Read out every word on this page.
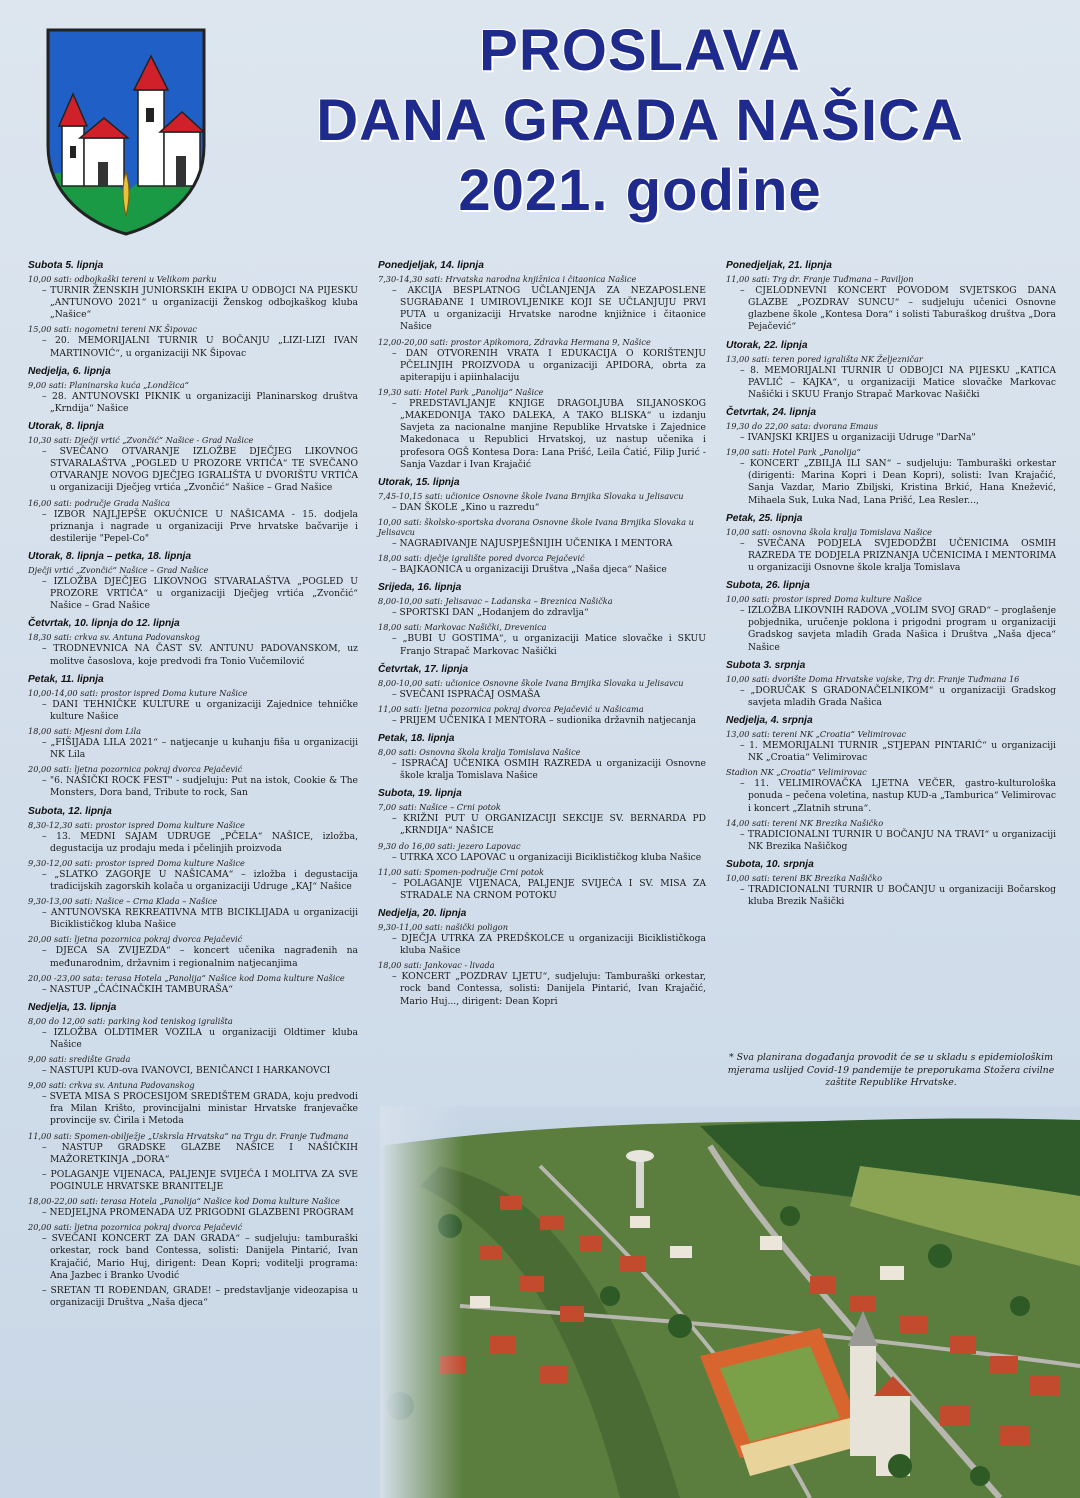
PROSLAVA
DANA GRADA NAŠICA
2021. godine
Subota 5. lipnja
10,00 sati: odbojkaški tereni u Velikom parku
– TURNIR ŽENSKIH JUNIORSKIH EKIPA U ODBOJCI NA PIJESKU „ANTUNOVO 2021“ u organizaciji Ženskog odbojkaškog kluba „Našice“
15,00 sati: nogometni tereni NK Šipovac
– 20. MEMORIJALNI TURNIR U BOČANJU „LIZI-LIZI IVAN MARTINOVIĆ“, u organizaciji NK Šipovac
Nedjelja, 6. lipnja
9,00 sati: Planinarska kuća „Londžica“
– 28. ANTUNOVSKI PIKNIK u organizaciji Planinarskog društva „Krndija“ Našice
Utorak, 8. lipnja
10,30 sati: Dječji vrtić „Zvončić“ Našice - Grad Našice
– SVEČANO OTVARANJE IZLOŽBE DJEČJEG LIKOVNOG STVARALAŠTVA „POGLED U PROZORE VRTIĆA“ TE SVEČANO OTVARANJE NOVOG DJEČJEG IGRALIŠTA U DVORIŠTU VRTIĆA u organizaciji Dječjeg vrtića „Zvončić“ Našice – Grad Našice
16,00 sati: područje Grada Našica
– IZBOR NAJLJEPŠE OKUĆNICE U NAŠICAMA - 15. dodjela priznanja i nagrade u organizaciji Prve hrvatske bačvarije i destilerije "Pepel-Co"
Utorak, 8. lipnja – petka, 18. lipnja
Dječji vrtić „Zvončić“ Našice – Grad Našice
– IZLOŽBA DJEČJEG LIKOVNOG STVARALAŠTVA „POGLED U PROZORE VRTIĆA“ u organizaciji Dječjeg vrtića „Zvončić“ Našice – Grad Našice
Četvrtak, 10. lipnja do 12. lipnja
18,30 sati: crkva sv. Antuna Padovanskog
– TRODNEVNICA NA ČAST SV. ANTUNU PADOVANSKOM, uz molitve časoslova, koje predvodi fra Tonio Vučemilović
Petak, 11. lipnja
10,00-14,00 sati: prostor ispred Doma kuture Našice
– DANI TEHNIČKE KULTURE u organizaciji Zajednice tehničke kulture Našice
18,00 sati: Mjesni dom Lila
– „FIŠIJADA LILA 2021“ – natjecanje u kuhanju fiša u organizaciji NK Lila
20,00 sati: ljetna pozornica pokraj dvorca Pejačević
– "6. NAŠIČKI ROCK FEST" - sudjeluju: Put na istok, Cookie & The Monsters, Dora band, Tribute to rock, San
Subota, 12. lipnja
8,30-12,30 sati: prostor ispred Doma kulture Našice
– 13. MEDNI SAJAM UDRUGE „PČELA“ NAŠICE, izložba, degustacija uz prodaju meda i pčelinjih proizvoda
9,30-12,00 sati: prostor ispred Doma kulture Našice
– „SLATKO ZAGORJE U NAŠICAMA“ – izložba i degustacija tradicijskih zagorskih kolača u organizaciji Udruge „KAJ“ Našice
9,30-13,00 sati: Našice – Crna Klada – Našice
– ANTUNOVSKA REKREATIVNA MTB BICIKLIJADA u organizaciji Biciklističkog kluba Našice
20,00 sati: ljetna pozornica pokraj dvorca Pejačević
– DJECA SA ZVIJEZDA“ – koncert učenika nagrađenih na međunarodnim, državnim i regionalnim natjecanjima
20,00 -23,00 sata: terasa Hotela „Panolija“ Našice kod Doma kulture Našice
– NASTUP „ČAĆINAČKIH TAMBURAŠA“
Nedjelja, 13. lipnja
8,00 do 12,00 sati: parking kod teniskog igrališta
– IZLOŽBA OLDTIMER VOZILA u organizaciji Oldtimer kluba Našice
9,00 sati: središte Grada
– NASTUPI KUD-ova IVANOVCI, BENIČANCI I HARKANOVCI
9,00 sati: crkva sv. Antuna Padovanskog
– SVETA MISA S PROCESIJOM SREDIŠTEM GRADA, koju predvodi fra Milan Krišto, provincijalni ministar Hrvatske franjevačke provincije sv. Ćirila i Metoda
11,00 sati: Spomen-obilježje „Uskrsla Hrvatska“ na Trgu dr. Franje Tuđmana
– NASTUP GRADSKE GLAZBE NAŠICE I NAŠIČKIH MAŽORETKINJA „DORA“
– POLAGANJE VIJENACA, PALJENJE SVIJEĆA I MOLITVA ZA SVE POGINULE HRVATSKE BRANITELJE
18,00-22,00 sati: terasa Hotela „Panolija“ Našice kod Doma kulture Našice
– NEDJELJNA PROMENADA UZ PRIGODNI GLAZBENI PROGRAM
20,00 sati: ljetna pozornica pokraj dvorca Pejačević
– SVEČANI KONCERT ZA DAN GRADA“ – sudjeluju: tamburaški orkestar, rock band Contessa, solisti: Danijela Pintarić, Ivan Krajačić, Mario Huj, dirigent: Dean Kopri; voditelji programa: Ana Jazbec i Branko Uvodić
– SRETAN TI ROĐENDAN, GRADE! – predstavljanje videozapisa u organizaciji Društva „Naša djeca“
Ponedjeljak, 14. lipnja
7,30-14,30 sati: Hrvatska narodna knjižnica i čitaonica Našice
– AKCIJA BESPLATNOG UČLANJENJA ZA NEZAPOSLENE SUGRAĐANE I UMIROVLJENIKE KOJI SE UČLANJUJU PRVI PUTA u organizaciji Hrvatske narodne knjižnice i čitaonice Našice
12,00-20,00 sati: prostor Apikomora, Zdravka Hermana 9, Našice
– DAN OTVORENIH VRATA I EDUKACIJA O KORIŠTENJU PČELINJIH PROIZVODA u organizaciji APIDORA, obrta za apiterapiju i apiinhalaciju
19,30 sati: Hotel Park „Panolija“ Našice
– PREDSTAVLJANJE KNJIGE DRAGOLJUBA SILJANOSKOG „MAKEDONIJA TAKO DALEKA, A TAKO BLISKA“ u izdanju Savjeta za nacionalne manjine Republike Hrvatske i Zajednice Makedonaca u Republici Hrvatskoj, uz nastup učenika i profesora OGŠ Kontesa Dora: Lana Prišć, Leila Ćatić, Filip Jurić - Sanja Vazdar i Ivan Krajačić
Utorak, 15. lipnja
7,45-10,15 sati: učionice Osnovne škole Ivana Brnjika Slovaka u Jelisavcu
– DAN ŠKOLE „Kino u razredu“
10,00 sati: školsko-sportska dvorana Osnovne škole Ivana Brnjika Slovaka u Jelisavcu
– NAGRAĐIVANJE NAJUSPJEŠNIJIH UČENIKA I MENTORA
18,00 sati: dječje igralište pored dvorca Pejačević
– BAJKAONICA u organizaciji Društva „Naša djeca“ Našice
Srijeda, 16. lipnja
8,00-10,00 sati: Jelisavac – Ladanska – Breznica Našička
– SPORTSKI DAN „Hodanjem do zdravlja“
18,00 sati: Markovac Našički, Drevenica
– „BUBI U GOSTIMA“, u organizaciji Matice slovačke i SKUU Franjo Strapač Markovac Našički
Četvrtak, 17. lipnja
8,00-10,00 sati: učionice Osnovne škole Ivana Brnjika Slovaka u Jelisavcu
– SVEČANI ISPRAĆAJ OSMAŠA
11,00 sati: ljetna pozornica pokraj dvorca Pejačević u Našicama
– PRIJEM UČENIKA I MENTORA – sudionika državnih natjecanja
Petak, 18. lipnja
8,00 sati: Osnovna škola kralja Tomislava Našice
– ISPRAĆAJ UČENIKA OSMIH RAZREDA u organizaciji Osnovne škole kralja Tomislava Našice
Subota, 19. lipnja
7,00 sati: Našice – Crni potok
– KRIŽNI PUT U ORGANIZACIJI SEKCIJE SV. BERNARDA PD „KRNDIJA“ NAŠICE
9,30 do 16,00 sati: jezero Lapovac
– UTRKA XCO LAPOVAC u organizaciji Biciklističkog kluba Našice
11,00 sati: Spomen-područje Crni potok
– POLAGANJE VIJENACA, PALJENJE SVIJEĆA I SV. MISA ZA STRADALE NA CRNOM POTOKU
Nedjelja, 20. lipnja
9,30-11,00 sati: našički poligon
– DJEČJA UTRKA ZA PREDŠKOLCE u organizaciji Biciklističkoga kluba Našice
18,00 sati: Jankovac - livada
– KONCERT „POZDRAV LJETU“, sudjeluju: Tamburaški orkestar, rock band Contessa, solisti: Danijela Pintarić, Ivan Krajačić, Mario Huj..., dirigent: Dean Kopri
Ponedjeljak, 21. lipnja
11,00 sati: Trg dr. Franje Tuđmana – Paviljon
– CJELODNEVNI KONCERT POVODOM SVJETSKOG DANA GLAZBE „POZDRAV SUNCU“ – sudjeluju učenici Osnovne glazbene škole „Kontesa Dora“ i solisti Taburaškog društva „Dora Pejačević“
Utorak, 22. lipnja
13,00 sati: teren pored igrališta NK Željezničar
– 8. MEMORIJALNI TURNIR U ODBOJCI NA PIJESKU „KATICA PAVLIĆ – KAJKA“, u organizaciji Matice slovačke Markovac Našički i SKUU Franjo Strapač Markovac Našički
Četvrtak, 24. lipnja
19,30 do 22,00 sata: dvorana Emaus
– IVANJSKI KRIJES u organizaciji Udruge "DarNa"
19,00 sati: Hotel Park „Panolija“
– KONCERT „ZBILJA ILI SAN“ – sudjeluju: Tamburaški orkestar (dirigenti: Marina Kopri i Dean Kopri), solisti: Ivan Krajačić, Sanja Vazdar, Mario Zbiljski, Kristina Brkić, Hana Knežević, Mihaela Suk, Luka Nad, Lana Prišć, Lea Resler...,
Petak, 25. lipnja
10,00 sati: osnovna škola kralja Tomislava Našice
– SVEČANA PODJELA SVJEDODŽBI UČENICIMA OSMIH RAZREDA TE DODJELA PRIZNANJA UČENICIMA I MENTORIMA u organizaciji Osnovne škole kralja Tomislava
Subota, 26. lipnja
10,00 sati: prostor ispred Doma kulture Našice
– IZLOŽBA LIKOVNIH RADOVA „VOLIM SVOJ GRAD“ – proglašenje pobjednika, uručenje poklona i prigodni program u organizaciji Gradskog savjeta mladih Grada Našica i Društva „Naša djeca“ Našice
Subota 3. srpnja
10,00 sati: dvorište Doma Hrvatske vojske, Trg dr. Franje Tuđmana 16
– „DORUČAK S GRADONAČELNIKOM“ u organizaciji Gradskog savjeta mladih Grada Našica
Nedjelja, 4. srpnja
13,00 sati: tereni NK „Croatia“ Velimirovac
– 1. MEMORIJALNI TURNIR „STJEPAN PINTARIĆ“ u organizaciji NK „Croatia“ Velimirovac
Stadion NK „Croatia“ Velimirovac
– 11. VELIMIROVAČKA LJETNA VEČER, gastro-kulturološka ponuda – pečena voletina, nastup KUD-a „Tamburica“ Velimirovac i koncert „Zlatnih struna“.
14,00 sati: tereni NK Brezika Našičko
– TRADICIONALNI TURNIR U BOČANJU NA TRAVI“ u organizaciji NK Brezika Našičkog
Subota, 10. srpnja
10,00 sati: tereni BK Brezika Našičko
– TRADICIONALNI TURNIR U BOČANJU u organizaciji Bočarskog kluba Brezik Našički
* Sva planirana događanja provodit će se u skladu s epidemiološkim mjerama uslijed Covid-19 pandemije te preporukama Stožera civilne zaštite Republike Hrvatske.
